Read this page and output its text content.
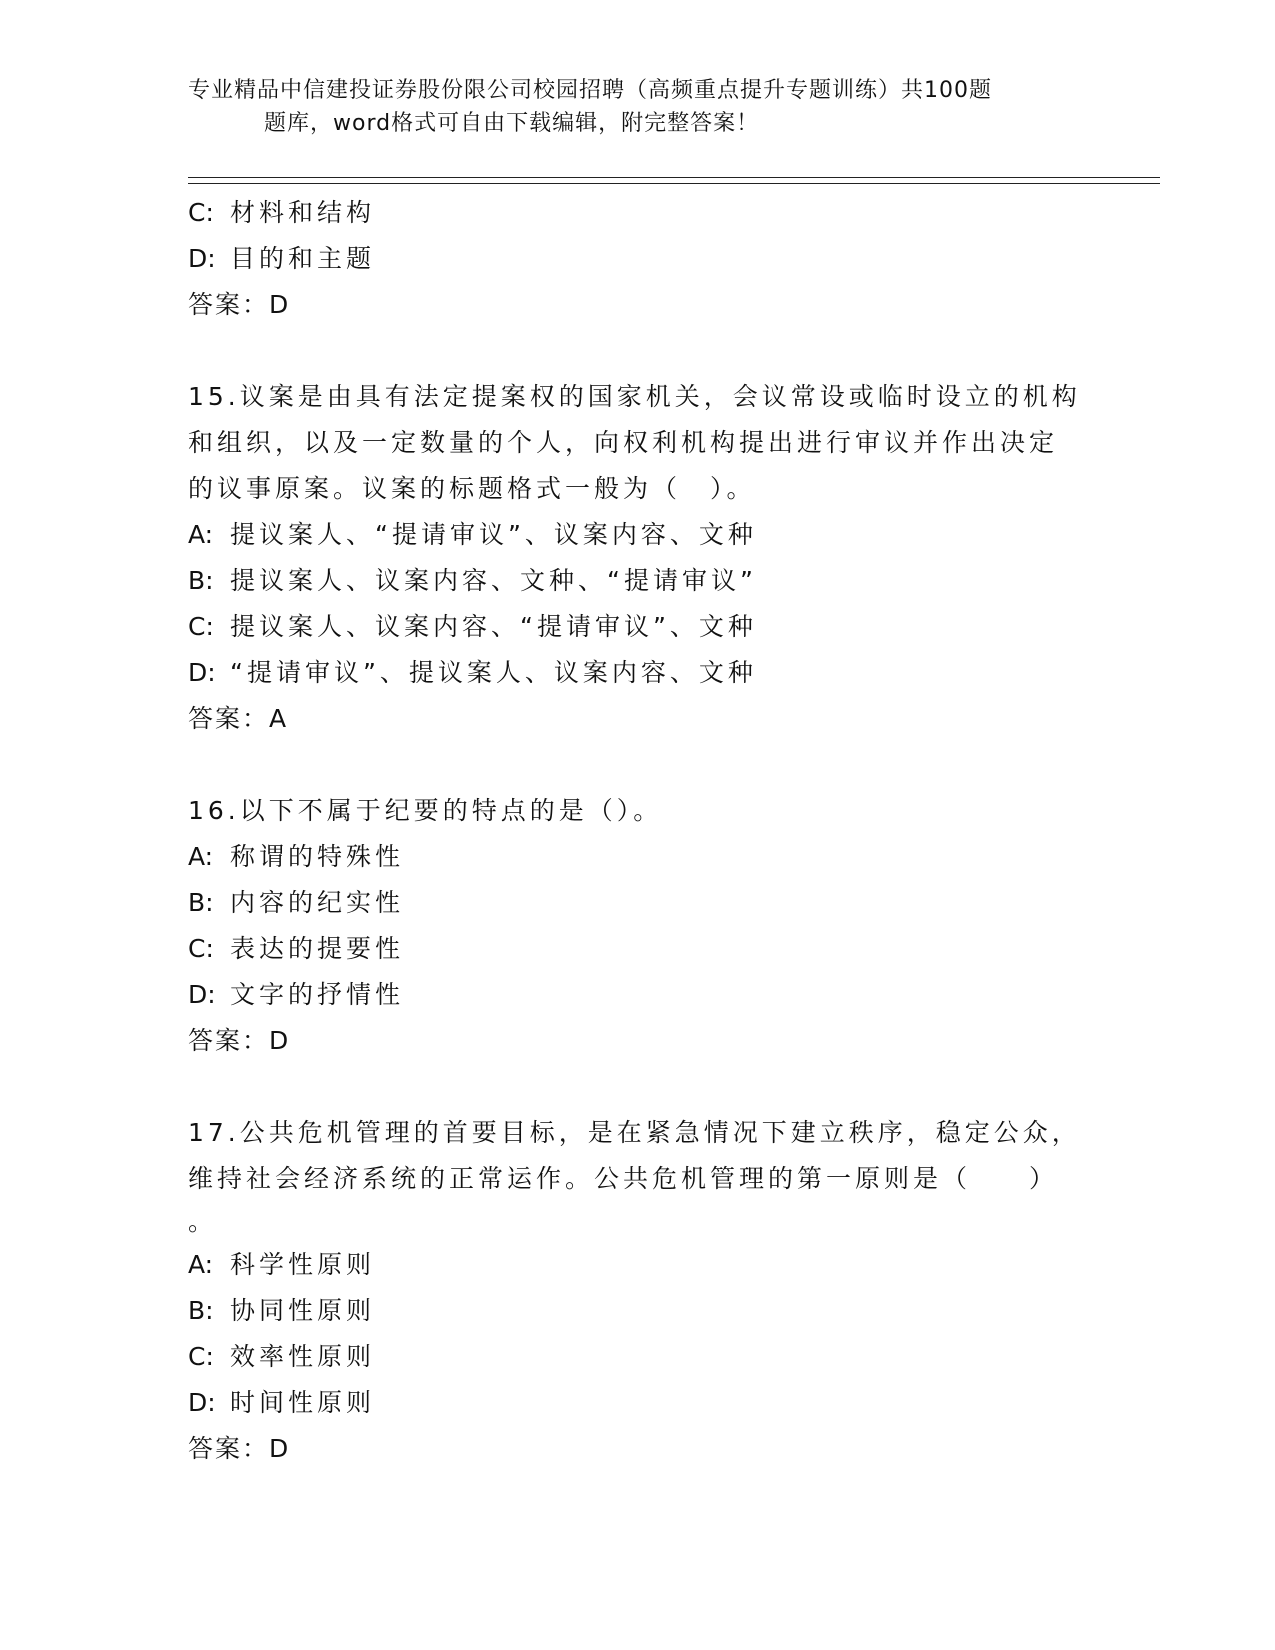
专业精品中信建投证券股份限公司校园招聘（高频重点提升专题训练）共100题
题库，word格式可自由下载编辑，附完整答案！
C: 材料和结构
D: 目的和主题
答案：D
15.议案是由具有法定提案权的国家机关，会议常设或临时设立的机构
和组织，以及一定数量的个人，向权利机构提出进行审议并作出决定
的议事原案。议案的标题格式一般为（　）。
A: 提议案人、“提请审议”、议案内容、文种
B: 提议案人、议案内容、文种、“提请审议”
C: 提议案人、议案内容、“提请审议”、文种
D: “提请审议”、提议案人、议案内容、文种
答案：A
16.以下不属于纪要的特点的是（）。
A: 称谓的特殊性
B: 内容的纪实性
C: 表达的提要性
D: 文字的抒情性
答案：D
17.公共危机管理的首要目标，是在紧急情况下建立秩序，稳定公众，
维持社会经济系统的正常运作。公共危机管理的第一原则是（　　）
。
A: 科学性原则
B: 协同性原则
C: 效率性原则
D: 时间性原则
答案：D
